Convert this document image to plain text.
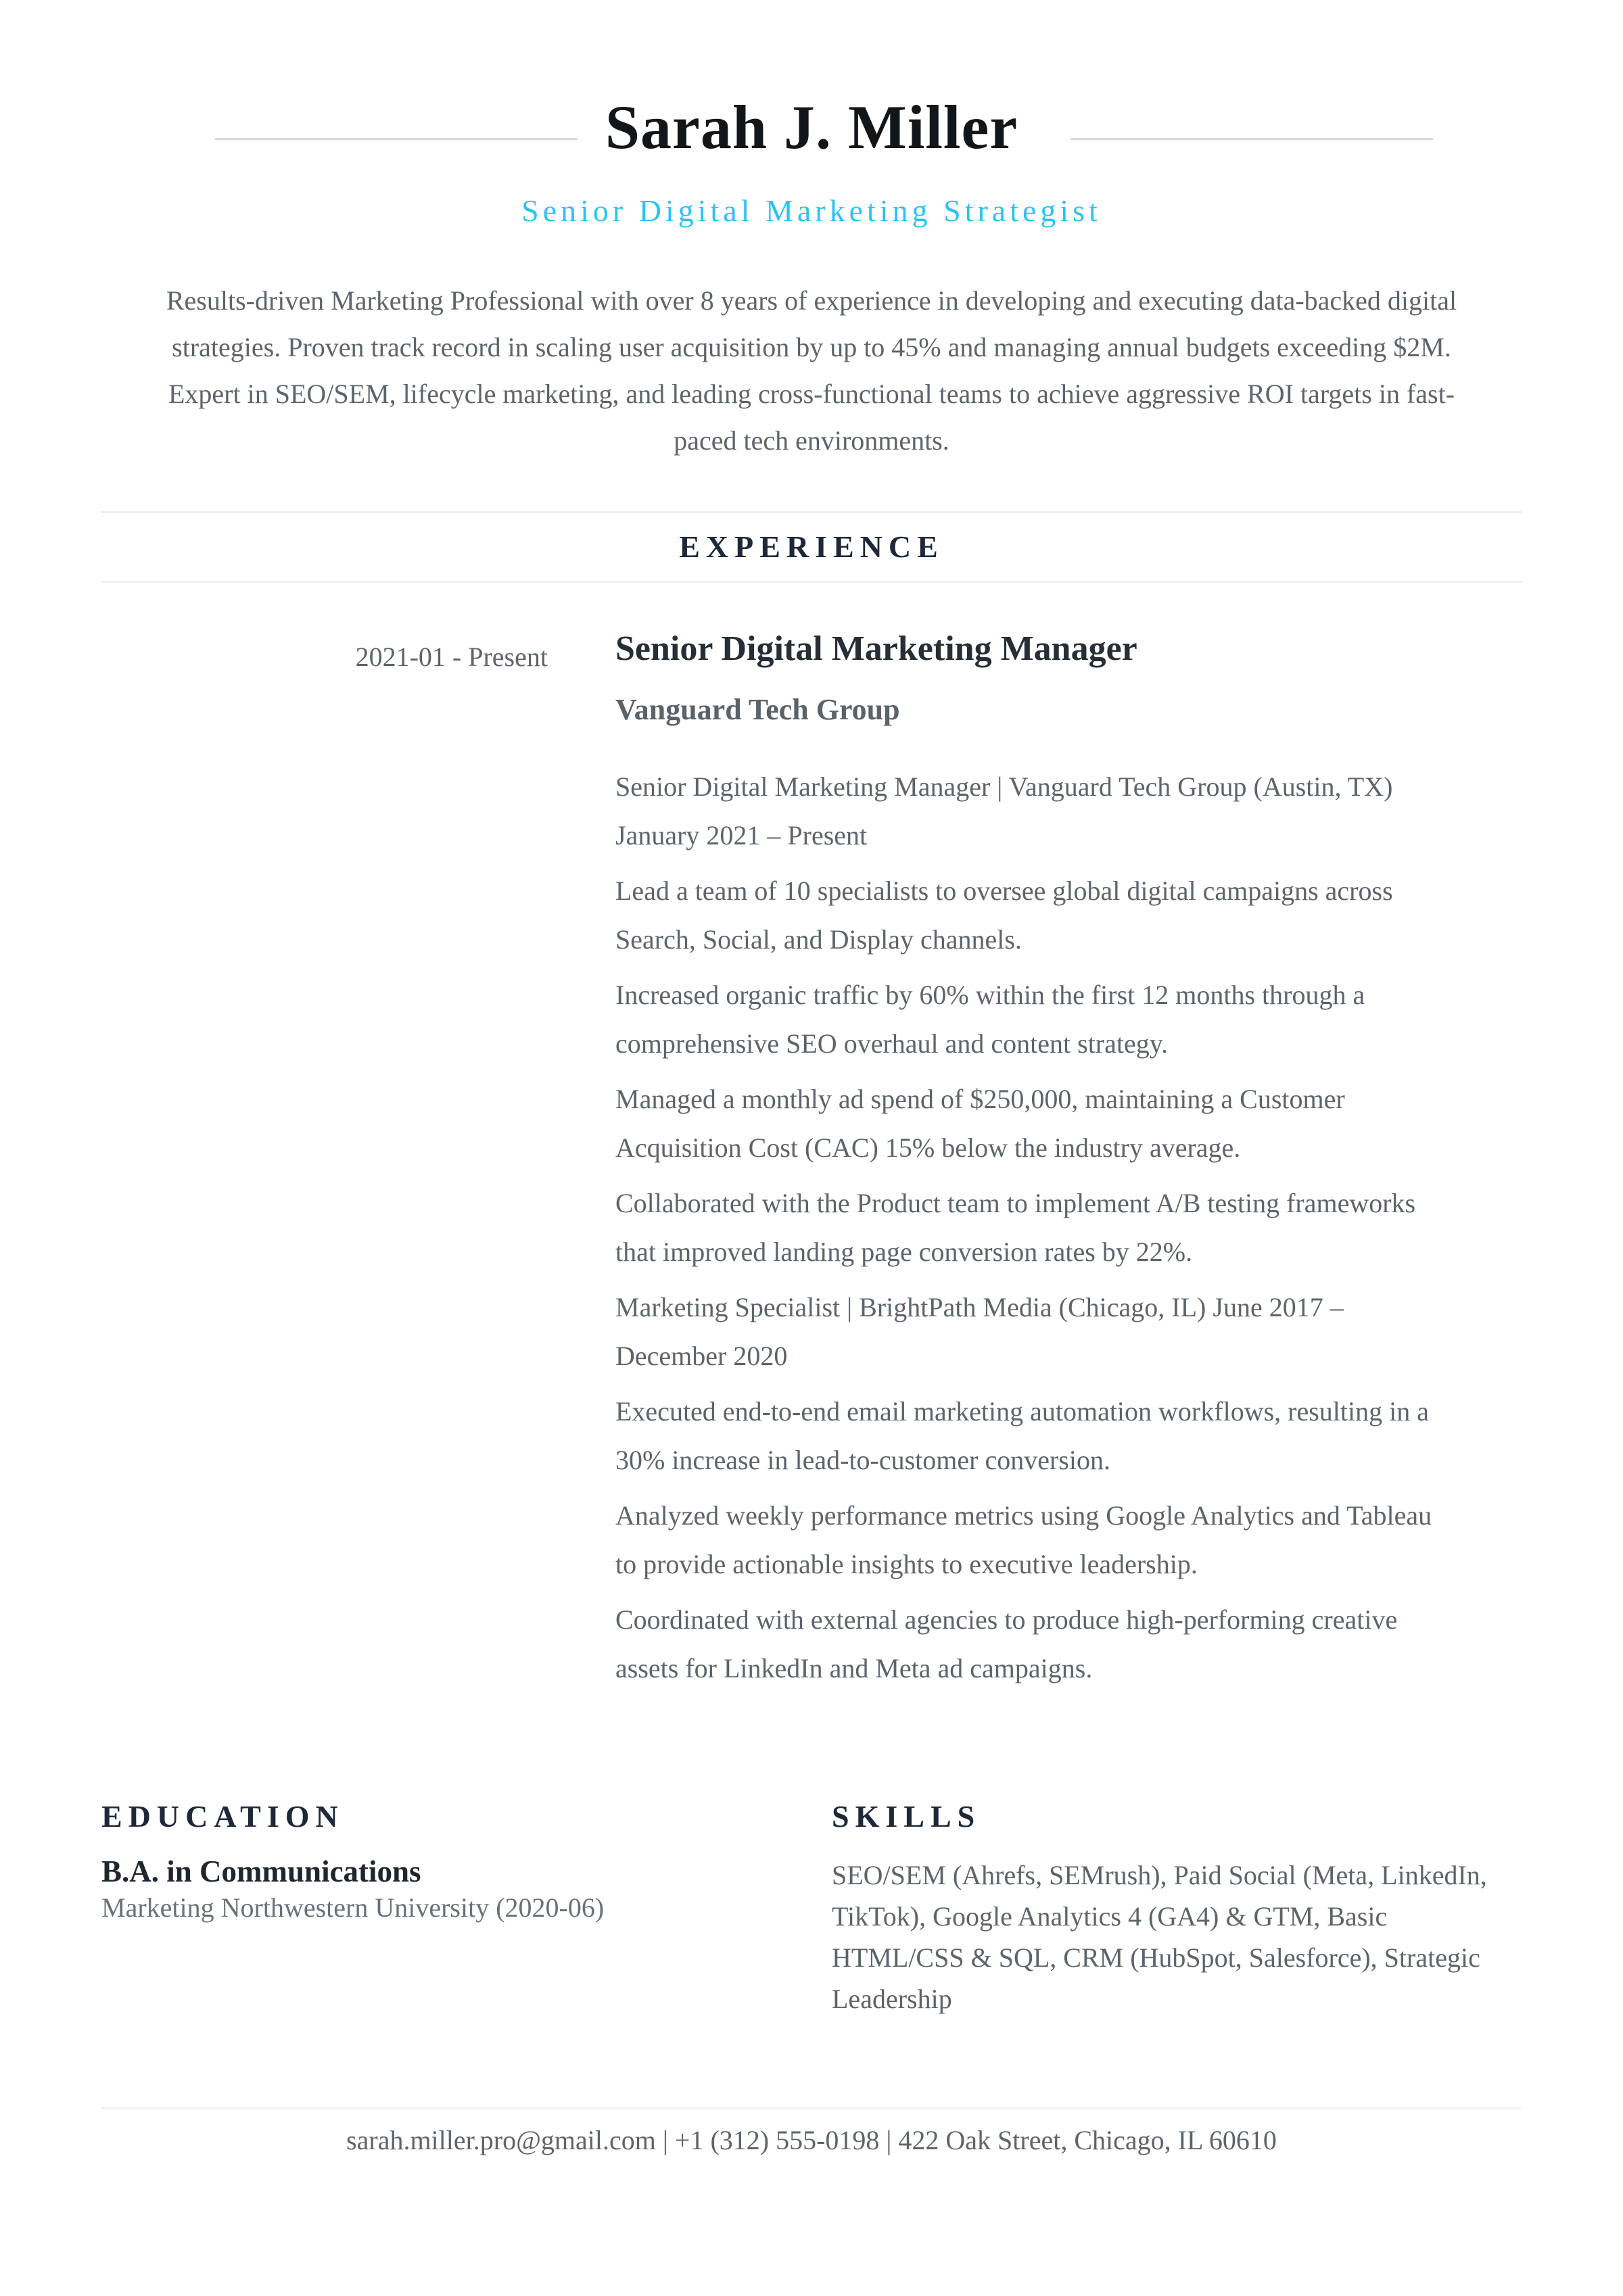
Sarah J. Miller
Senior Digital Marketing Strategist

Results-driven Marketing Professional with over 8 years of experience in developing and executing data-backed digital strategies. Proven track record in scaling user acquisition by up to 45% and managing annual budgets exceeding $2M. Expert in SEO/SEM, lifecycle marketing, and leading cross-functional teams to achieve aggressive ROI targets in fast-paced tech environments.

EXPERIENCE
2021-01 - Present Senior Digital Marketing Manager
Vanguard Tech Group

Senior Digital Marketing Manager | Vanguard Tech Group (Austin, TX) January 2021 – Present

Lead a team of 10 specialists to oversee global digital campaigns across Search, Social, and Display channels.

Increased organic traffic by 60% within the first 12 months through a comprehensive SEO overhaul and content strategy.

Managed a monthly ad spend of $250,000, maintaining a Customer Acquisition Cost (CAC) 15% below the industry average.

Collaborated with the Product team to implement A/B testing frameworks that improved landing page conversion rates by 22%.

Marketing Specialist | BrightPath Media (Chicago, IL) June 2017 – December 2020

Executed end-to-end email marketing automation workflows, resulting in a 30% increase in lead-to-customer conversion.

Analyzed weekly performance metrics using Google Analytics and Tableau to provide actionable insights to executive leadership.

Coordinated with external agencies to produce high-performing creative assets for LinkedIn and Meta ad campaigns.

EDUCATION
B.A. in Communications

Marketing Northwestern University (2020-06)

SKILLS

SEO/SEM (Ahrefs, SEMrush), Paid Social (Meta, LinkedIn, TikTok), Google Analytics 4 (GA4) & GTM, Basic HTML/CSS & SQL, CRM (HubSpot, Salesforce), Strategic Leadership

sarah.miller.pro@gmail.com | +1 (312) 555-0198 | 422 Oak Street, Chicago, IL 60610
